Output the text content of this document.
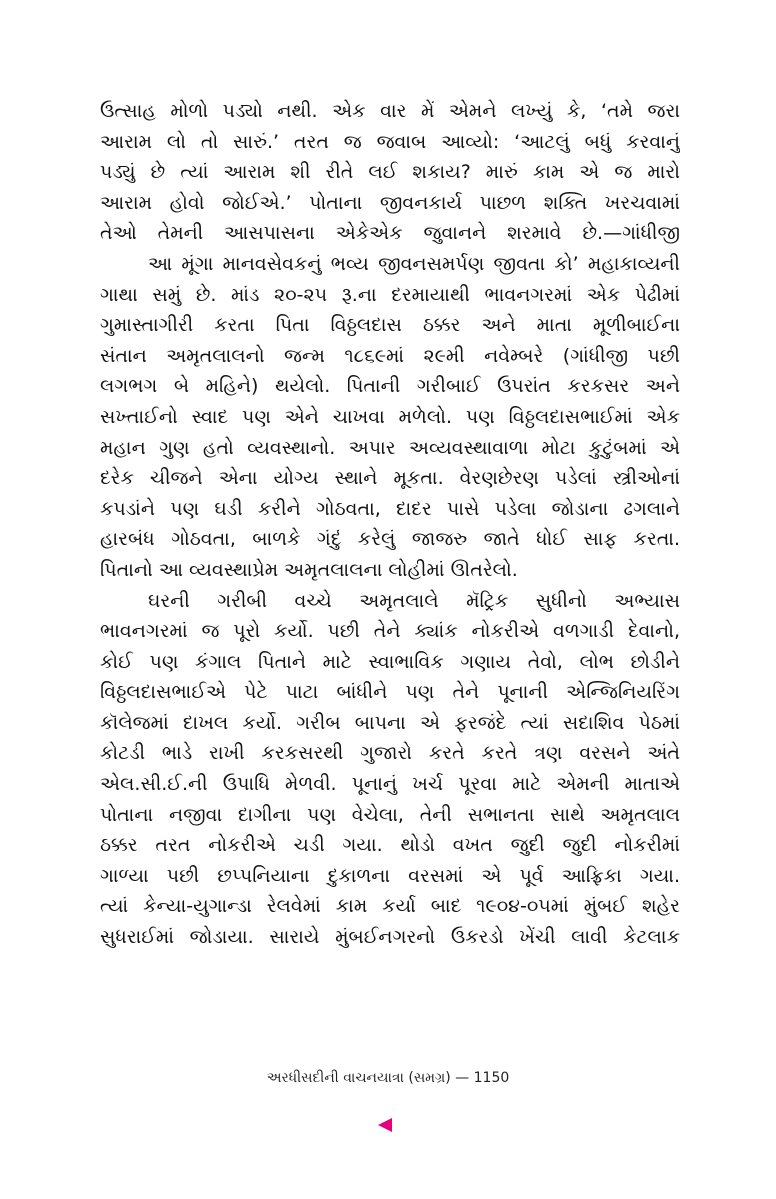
ઉત્સાહ મોળો પડ્યો નથી. એક વાર મેં એમને લખ્યું કે, ‘તમે જરા
આરામ લો તો સારું.’ તરત જ જવાબ આવ્યો: ‘આટલું બધું કરવાનું
પડ્યું છે ત્યાં આરામ શી રીતે લઈ શકાય? મારું કામ એ જ મારો
આરામ હોવો જોઈએ.’ પોતાના જીવનકાર્ય પાછળ શક્તિ ખરચવામાં
તેઓ તેમની આસપાસના એકેએક જુવાનને શરમાવે છે.—ગાંધીજી
આ મૂંગા માનવસેવકનું ભવ્ય જીવનસમર્પણ જીવતા કો’ મહાકાવ્યની
ગાથા સમું છે. માંડ ૨૦-૨૫ રૂ.ના દરમાયાથી ભાવનગરમાં એક પેઢીમાં
ગુમાસ્તાગીરી કરતા પિતા વિઠ્ઠલદાસ ઠક્કર અને માતા મૂળીબાઈના
સંતાન અમૃતલાલનો જન્મ ૧૮૬૯માં ૨૯મી નવેમ્બરે (ગાંધીજી પછી
લગભગ બે મહિને) થયેલો. પિતાની ગરીબાઈ ઉપરાંત કરકસર અને
સખ્તાઈનો સ્વાદ પણ એને ચાખવા મળેલો. પણ વિઠ્ઠલદાસભાઈમાં એક
મહાન ગુણ હતો વ્યવસ્થાનો. અપાર અવ્યવસ્થાવાળા મોટા કુટુંબમાં એ
દરેક ચીજને એના યોગ્ય સ્થાને મૂકતા. વેરણછેરણ પડેલાં સ્ત્રીઓનાં
કપડાંને પણ ઘડી કરીને ગોઠવતા, દાદર પાસે પડેલા જોડાના ઢગલાને
હારબંધ ગોઠવતા, બાળકે ગંદું કરેલું જાજરુ જાતે ધોઈ સાફ કરતા.
પિતાનો આ વ્યવસ્થાપ્રેમ અમૃતલાલના લોહીમાં ઊતરેલો.
ઘરની ગરીબી વચ્ચે અમૃતલાલે મૅટ્રિક સુધીનો અભ્યાસ
ભાવનગરમાં જ પૂરો કર્યો. પછી તેને ક્યાંક નોકરીએ વળગાડી દેવાનો,
કોઈ પણ કંગાલ પિતાને માટે સ્વાભાવિક ગણાય તેવો, લોભ છોડીને
વિઠ્ઠલદાસભાઈએ પેટે પાટા બાંધીને પણ તેને પૂનાની એન્જિનિયરિંગ
કૉલેજમાં દાખલ કર્યો. ગરીબ બાપના એ ફરજંદે ત્યાં સદાશિવ પેઠમાં
કોટડી ભાડે રાખી કરકસરથી ગુજારો કરતે કરતે ત્રણ વરસને અંતે
એલ.સી.ઈ.ની ઉપાધિ મેળવી. પૂનાનું ખર્ચ પૂરવા માટે એમની માતાએ
પોતાના નજીવા દાગીના પણ વેચેલા, તેની સભાનતા સાથે અમૃતલાલ
ઠક્કર તરત નોકરીએ ચડી ગયા. થોડો વખત જુદી જુદી નોકરીમાં
ગાળ્યા પછી છપ્પનિયાના દુકાળના વરસમાં એ પૂર્વ આફ્રિકા ગયા.
ત્યાં કેન્યા-યુગાન્ડા રેલવેમાં કામ કર્યા બાદ ૧૯૦૪-૦૫માં મુંબઈ શહેર
સુધરાઈમાં જોડાયા. સારાયે મુંબઈનગરનો ઉકરડો ખેંચી લાવી કેટલાક
અરધીસદીની વાચનયાત્રા (સમગ્ર) — 1150
